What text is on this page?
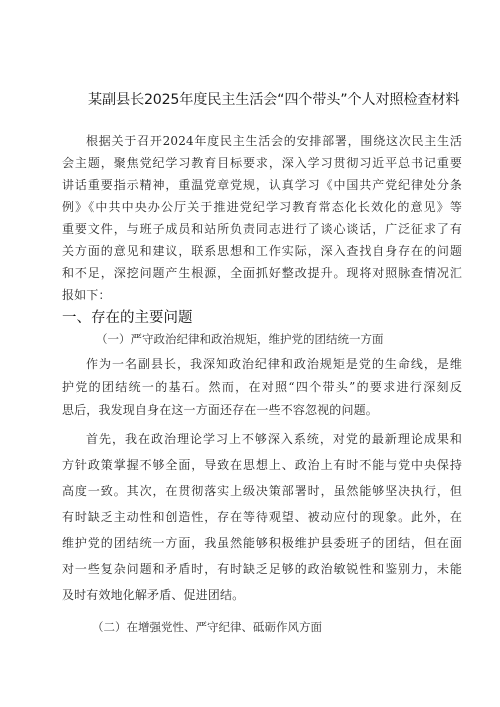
某副县长2025年度民主生活会“四个带头”个人对照检查材料
根据关于召开2024年度民主生活会的安排部署，围绕这次民主生活
会主题，聚焦党纪学习教育目标要求，深入学习贯彻习近平总书记重要
讲话重要指示精神，重温党章党规，认真学习《中国共产党纪律处分条
例》《中共中央办公厅关于推进党纪学习教育常态化长效化的意见》等
重要文件，与班子成员和站所负责同志进行了谈心谈话，广泛征求了有
关方面的意见和建议，联系思想和工作实际，深入查找自身存在的问题
和不足，深挖问题产生根源，全面抓好整改提升。现将对照脉查情况汇
报如下：
一、存在的主要问题
（一）严守政治纪律和政治规矩，维护党的团结统一方面
作为一名副县长，我深知政治纪律和政治规矩是党的生命线，是维
护党的团结统一的基石。然而，在对照“四个带头”的要求进行深刻反
思后，我发现自身在这一方面还存在一些不容忽视的问题。
首先，我在政治理论学习上不够深入系统，对党的最新理论成果和
方针政策掌握不够全面，导致在思想上、政治上有时不能与党中央保持
高度一致。其次，在贯彻落实上级决策部署时，虽然能够坚决执行，但
有时缺乏主动性和创造性，存在等待观望、被动应付的现象。此外，在
维护党的团结统一方面，我虽然能够积极维护县委班子的团结，但在面
对一些复杂问题和矛盾时，有时缺乏足够的政治敏锐性和鉴别力，未能
及时有效地化解矛盾、促进团结。
（二）在增强党性、严守纪律、砥砺作风方面
